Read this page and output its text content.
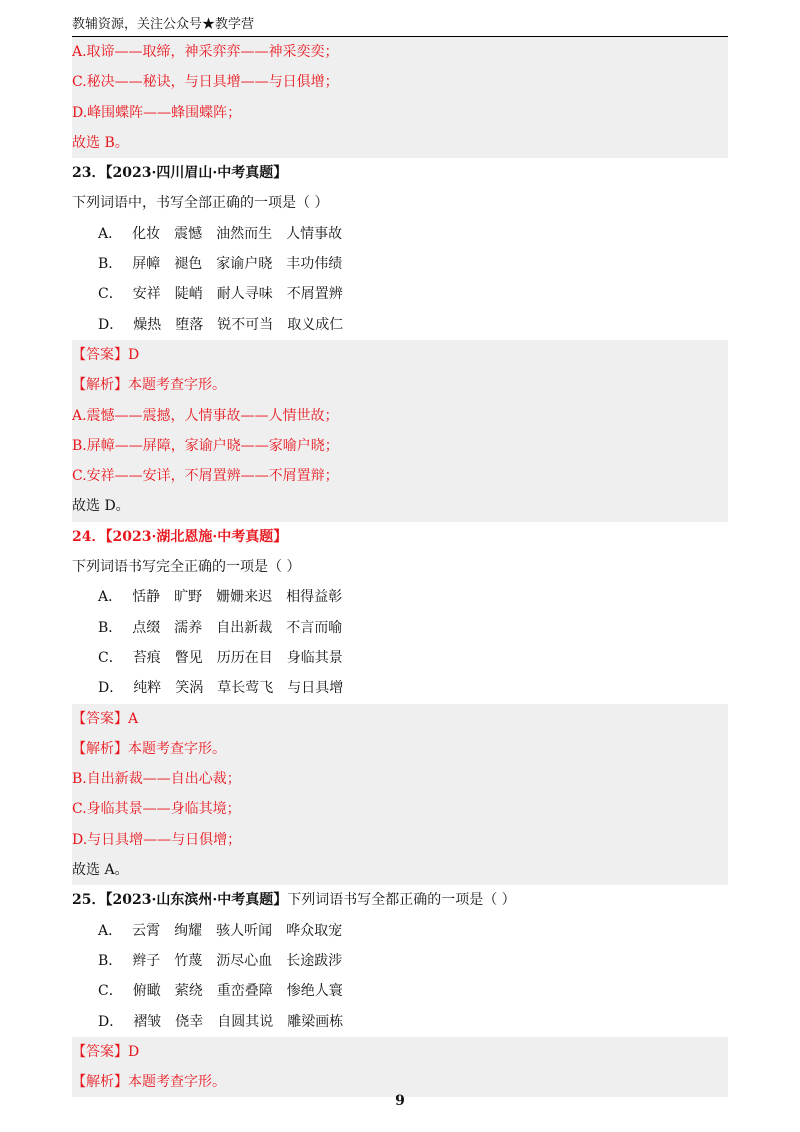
教辅资源，关注公众号★教学营
A.取谛——取缔，神采弈弈——神采奕奕；
C.秘决——秘诀，与日具增——与日俱增；
D.峰围蝶阵——蜂围蝶阵；
故选 B。
23．【2023·四川眉山·中考真题】
下列词语中，书写全部正确的一项是（ ）
A． 化妆 震憾 油然而生 人情事故
B． 屏幛 褪色 家谕户晓 丰功伟绩
C． 安祥 陡峭 耐人寻味 不屑置辨
D． 燥热 堕落 锐不可当 取义成仁
【答案】D
【解析】本题考查字形。
A.震憾——震撼，人情事故——人情世故；
B.屏幛——屏障，家谕户晓——家喻户晓；
C.安祥——安详，不屑置辨——不屑置辩；
故选 D。
24．【2023·湖北恩施·中考真题】
下列词语书写完全正确的一项是（ ）
A． 恬静 旷野 姗姗来迟 相得益彰
B． 点缀 濡养 自出新裁 不言而喻
C． 苔痕 瞥见 历历在目 身临其景
D． 纯粹 笑涡 草长莺飞 与日具增
【答案】A
【解析】本题考查字形。
B.自出新裁——自出心裁；
C.身临其景——身临其境；
D.与日具增——与日俱增；
故选 A。
25．【2023·山东滨州·中考真题】下列词语书写全都正确的一项是（ ）
A． 云霄 绚耀 骇人听闻 哗众取宠
B． 辫子 竹蔑 沥尽心血 长途跋涉
C． 俯瞰 萦绕 重峦叠障 惨绝人寰
D． 褶皱 侥幸 自圆其说 雕梁画栋
【答案】D
【解析】本题考查字形。
9
